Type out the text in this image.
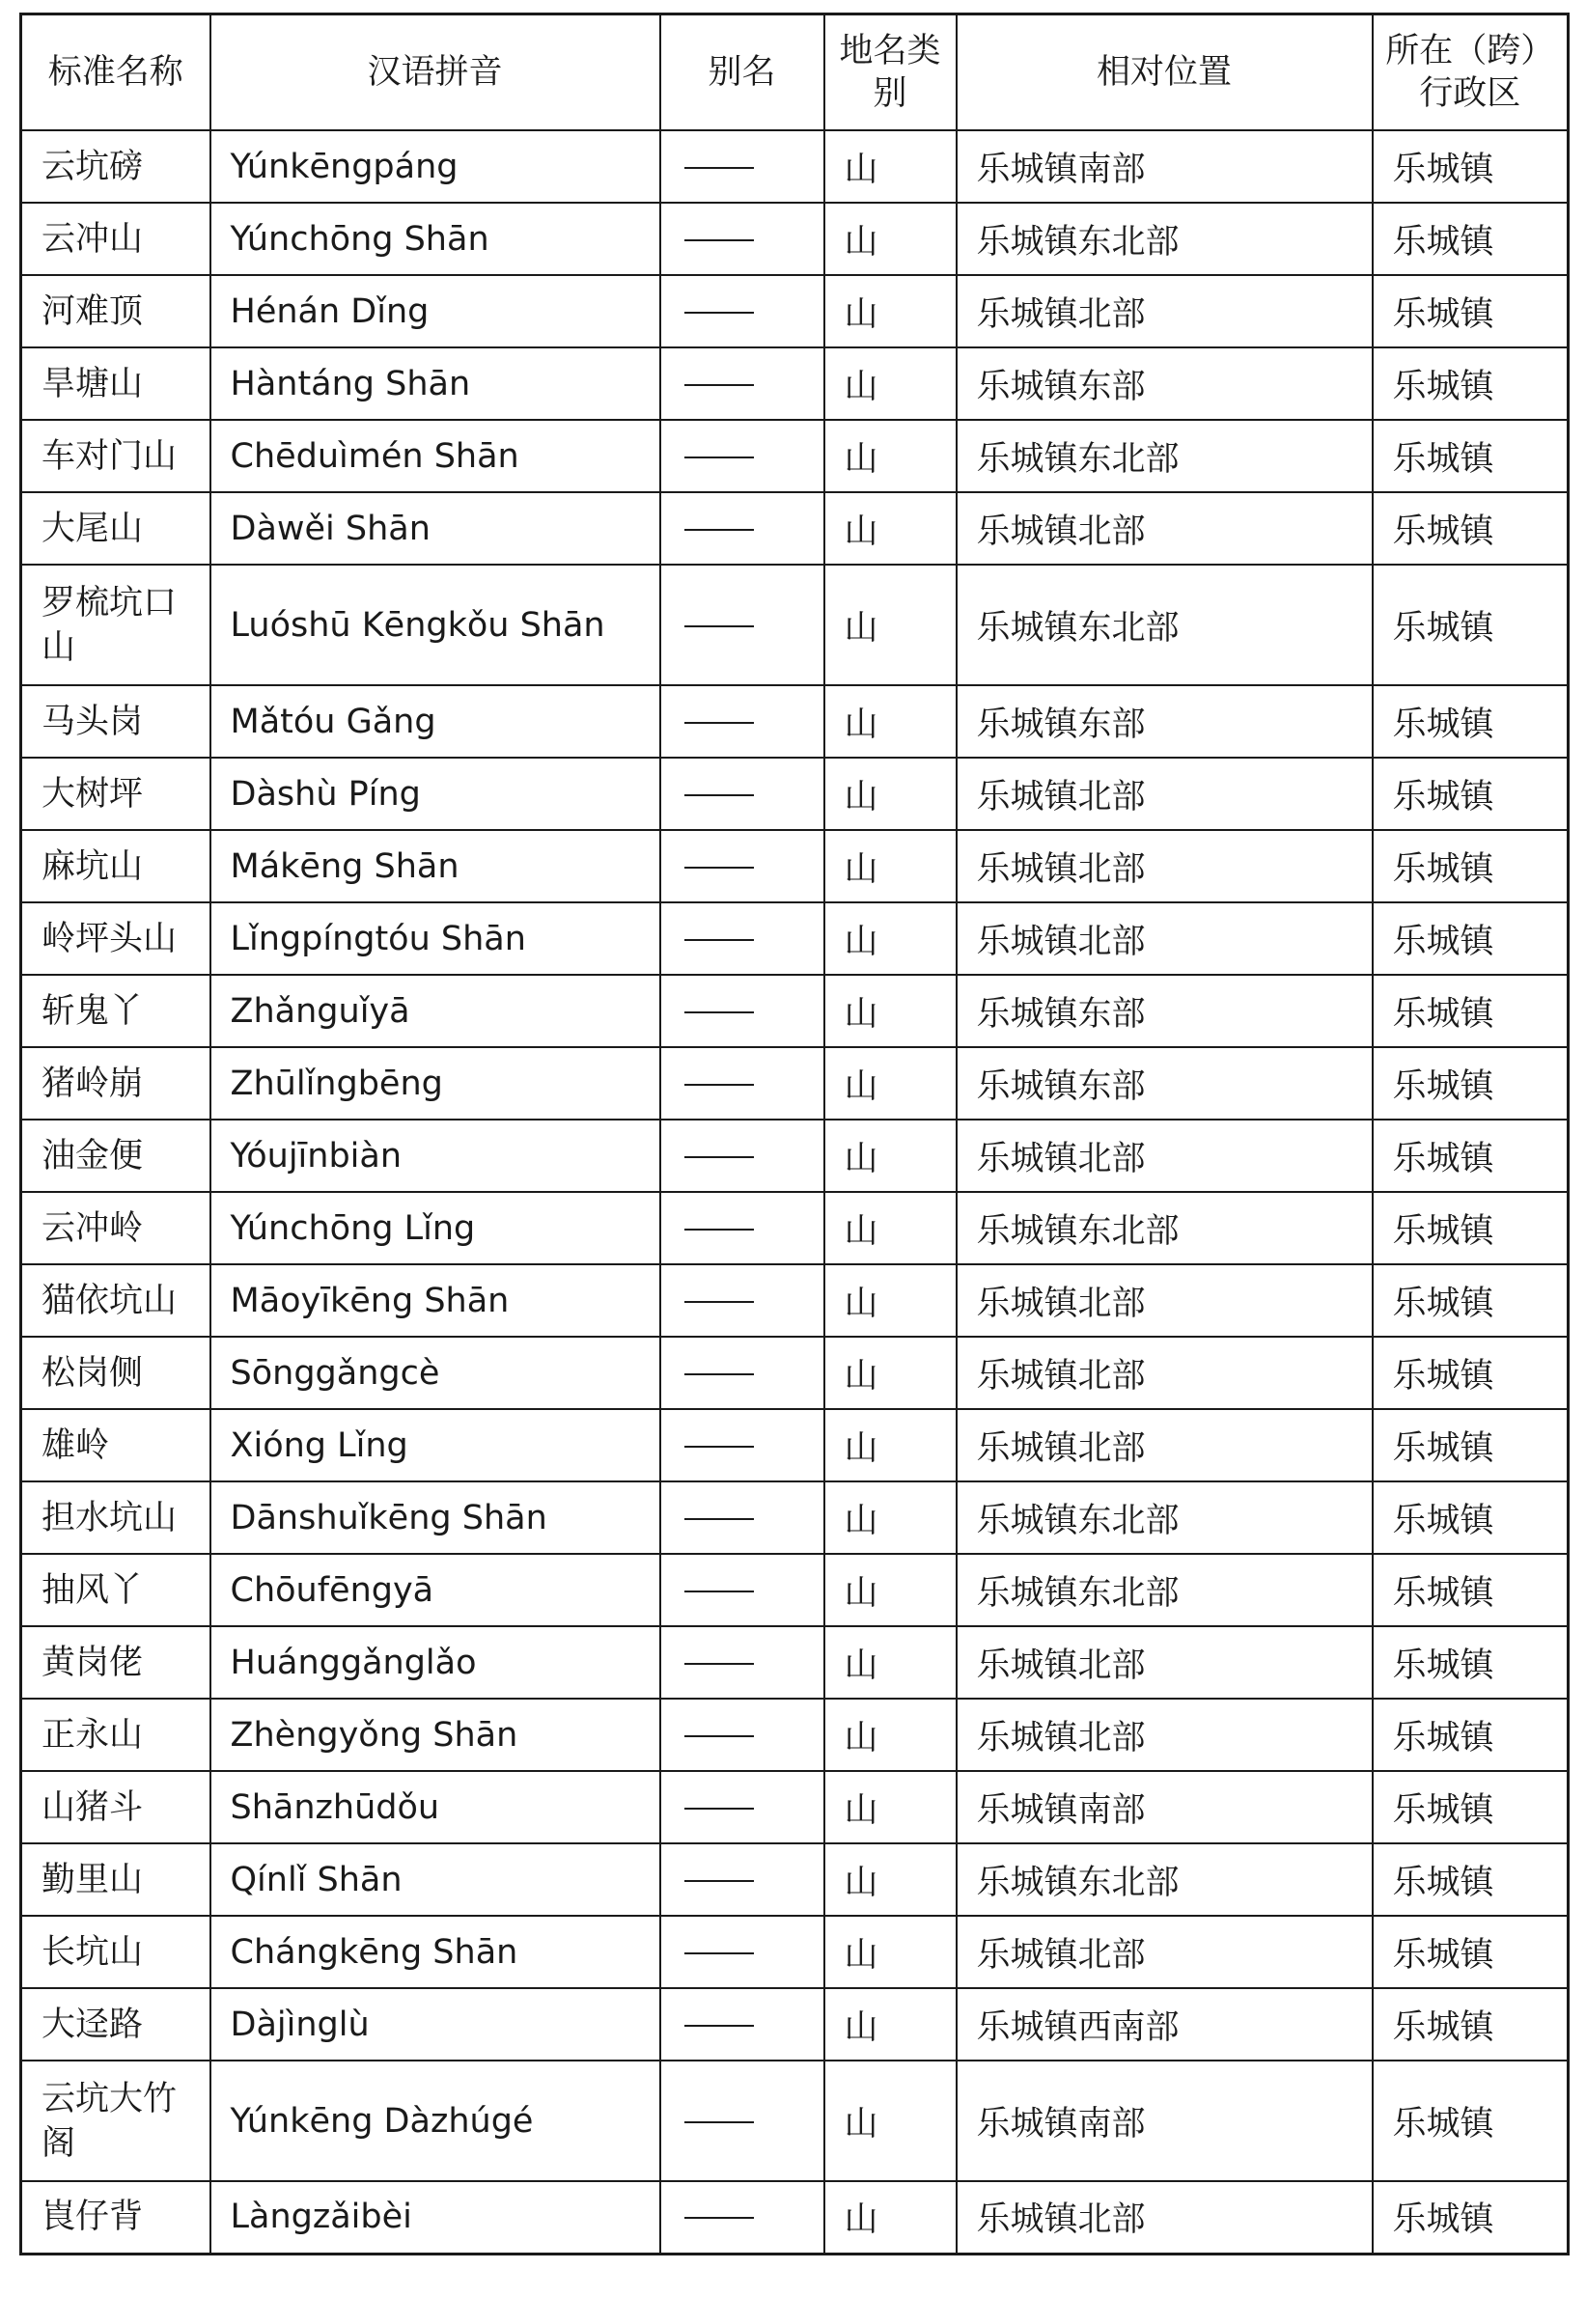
标准名称	汉语拼音	别名	地名类别	相对位置	所在（跨）行政区
云坑磅	Yúnkēngpáng		山	乐城镇南部	乐城镇
云冲山	Yúnchōng Shān		山	乐城镇东北部	乐城镇
河难顶	Hénán Dǐng		山	乐城镇北部	乐城镇
旱塘山	Hàntáng Shān		山	乐城镇东部	乐城镇
车对门山	Chēduìmén Shān		山	乐城镇东北部	乐城镇
大尾山	Dàwěi Shān		山	乐城镇北部	乐城镇
罗梳坑口山	Luóshū Kēngkǒu Shān		山	乐城镇东北部	乐城镇
马头岗	Mǎtóu Gǎng		山	乐城镇东部	乐城镇
大树坪	Dàshù Píng		山	乐城镇北部	乐城镇
麻坑山	Mákēng Shān		山	乐城镇北部	乐城镇
岭坪头山	Lǐngpíngtóu Shān		山	乐城镇北部	乐城镇
斩鬼丫	Zhǎnguǐyā		山	乐城镇东部	乐城镇
猪岭崩	Zhūlǐngbēng		山	乐城镇东部	乐城镇
油金便	Yóujīnbiàn		山	乐城镇北部	乐城镇
云冲岭	Yúnchōng Lǐng		山	乐城镇东北部	乐城镇
猫依坑山	Māoyīkēng Shān		山	乐城镇北部	乐城镇
松岗侧	Sōnggǎngcè		山	乐城镇北部	乐城镇
雄岭	Xióng Lǐng		山	乐城镇北部	乐城镇
担水坑山	Dānshuǐkēng Shān		山	乐城镇东北部	乐城镇
抽风丫	Chōufēngyā		山	乐城镇东北部	乐城镇
黄岗佬	Huánggǎnglǎo		山	乐城镇北部	乐城镇
正永山	Zhèngyǒng Shān		山	乐城镇北部	乐城镇
山猪斗	Shānzhūdǒu		山	乐城镇南部	乐城镇
勤里山	Qínlǐ Shān		山	乐城镇东北部	乐城镇
长坑山	Chángkēng Shān		山	乐城镇北部	乐城镇
大迳路	Dàjìnglù		山	乐城镇西南部	乐城镇
云坑大竹阁	Yúnkēng Dàzhúgé		山	乐城镇南部	乐城镇
崀仔背	Làngzǎibèi		山	乐城镇北部	乐城镇
